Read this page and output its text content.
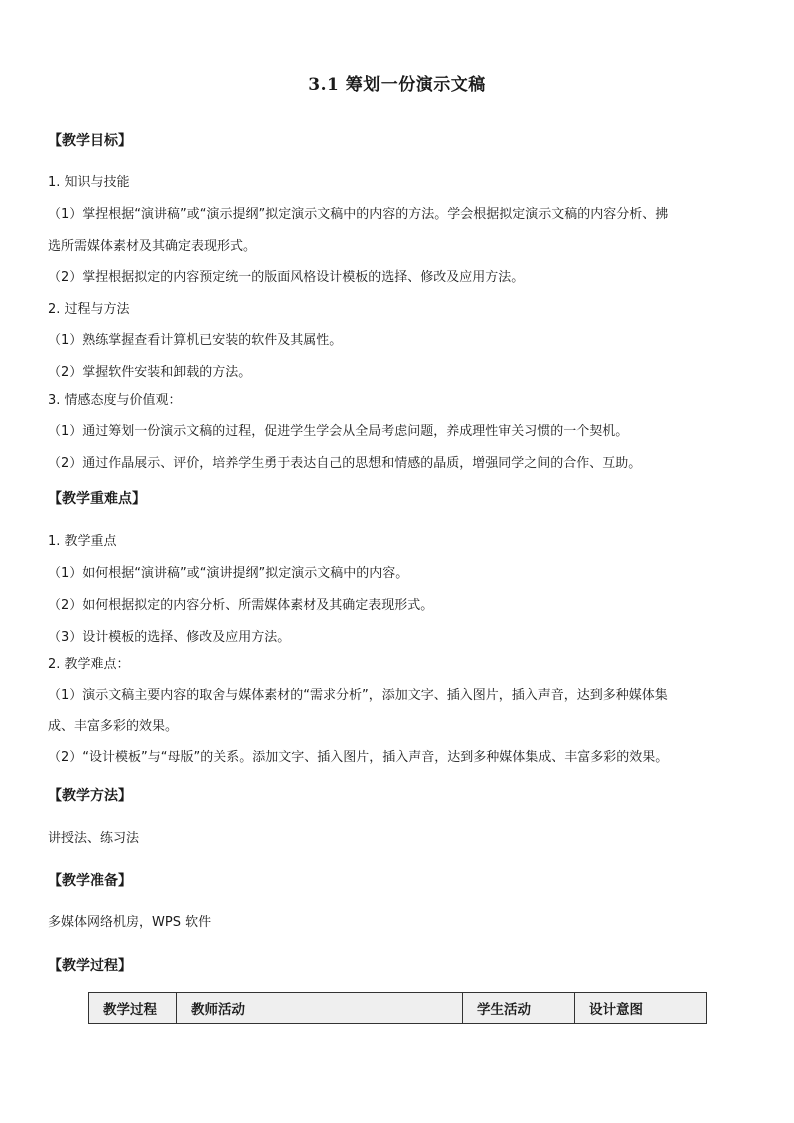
3.1 筹划一份演示文稿
【教学目标】
1. 知识与技能
（1）掌捏根据“演讲稿”或“演示提纲”拟定演示文稿中的内容的方法。学会根据拟定演示文稿的内容分析、拂
选所需媒体素材及其确定表现形式。
（2）掌捏根据拟定的内容预定统一的版面风格设计模板的选择、修改及应用方法。
2. 过程与方法
（1）熟练掌握查看计算机已安装的软件及其属性。
（2）掌握软件安装和卸载的方法。
3. 情感态度与价值观：
（1）通过筹划一份演示文稿的过程，促进学生学会从全局考虑问题，养成理性审关习惯的一个契机。
（2）通过作晶展示、评价，培养学生勇于表达自己的思想和情感的晶质，增强同学之间的合作、互助。
【教学重难点】
1. 教学重点
（1）如何根据“演讲稿”或“演讲提纲”拟定演示文稿中的内容。
（2）如何根据拟定的内容分析、所需媒体素材及其确定表现形式。
（3）设计模板的选择、修改及应用方法。
2. 教学难点：
（1）演示文稿主要内容的取舍与媒体素材的“需求分析”，添加文字、插入图片，插入声音，达到多种媒体集
成、丰富多彩的效果。
（2）“设计模板”与“母版”的关系。添加文字、插入图片，插入声音，达到多种媒体集成、丰富多彩的效果。
【教学方法】
讲授法、练习法
【教学准备】
多媒体网络机房，WPS 软件
【教学过程】
教学过程	教师活动	学生活动	设计意图
